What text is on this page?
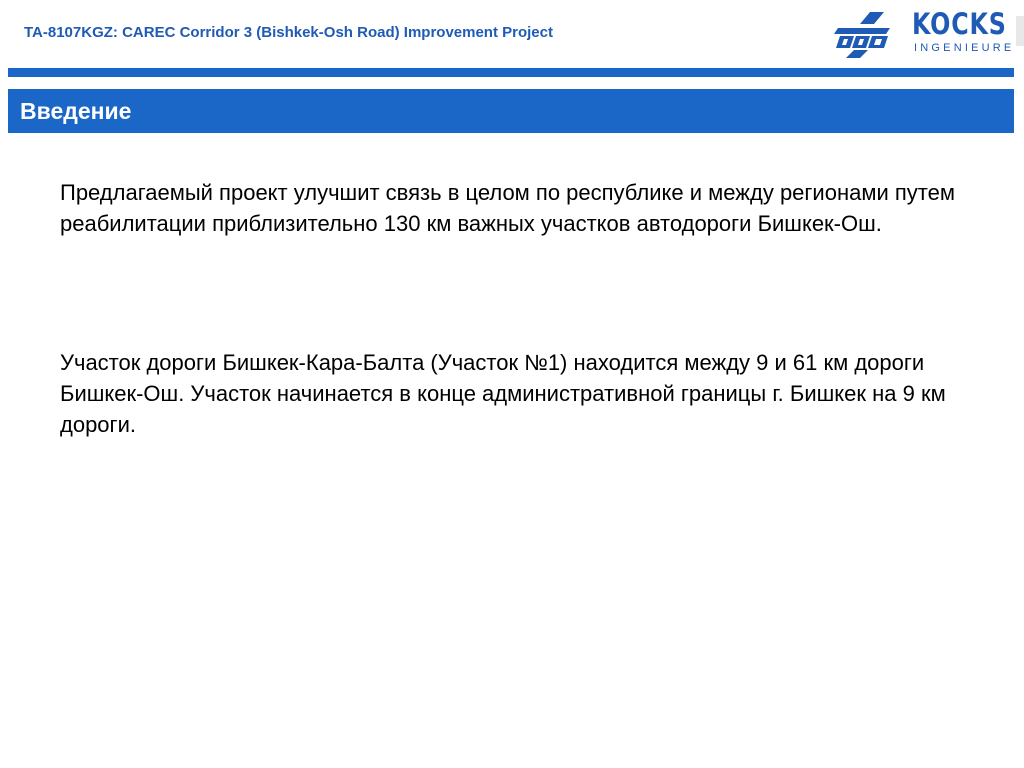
TA-8107KGZ: CAREC Corridor 3 (Bishkek-Osh Road) Improvement Project	KOCKS
INGENIEURE
Введение
Предлагаемый проект улучшит связь в целом по республике и между регионами путем реабилитации приблизительно 130 км важных участков автодороги Бишкек-Ош.
Участок дороги Бишкек-Кара-Балта (Участок №1) находится между 9 и 61 км дороги Бишкек-Ош. Участок начинается в конце административной границы г. Бишкек на 9 км дороги.
